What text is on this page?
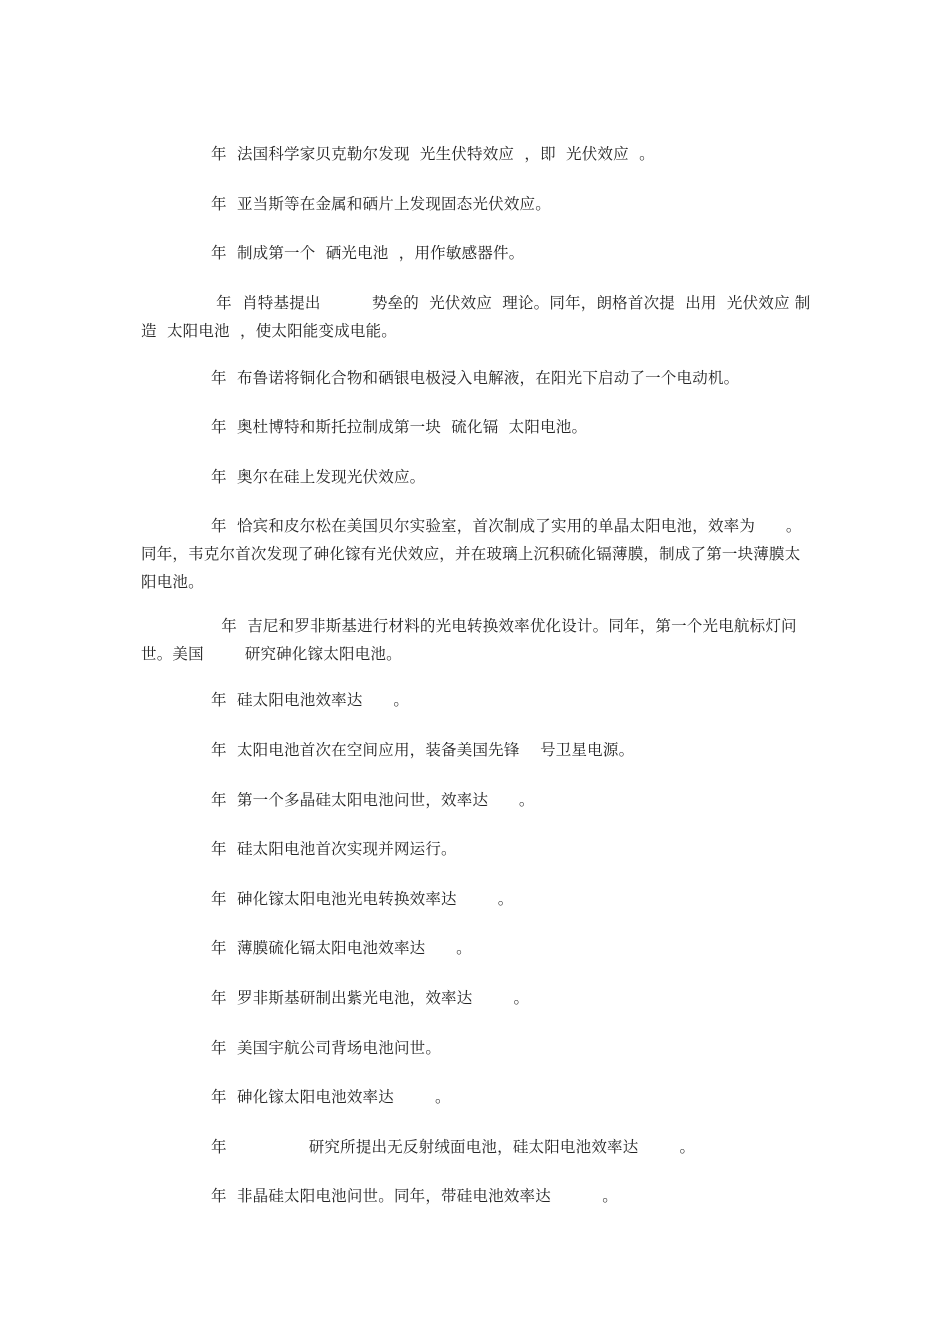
年  法国科学家贝克勒尔发现  光生伏特效应  ，即  光伏效应  。

年  亚当斯等在金属和硒片上发现固态光伏效应。

年  制成第一个  硒光电池  ，用作敏感器件。

年  肖特基提出          势垒的  光伏效应  理论。同年，朗格首次提  出用  光伏效应 制造  太阳电池  ，使太阳能变成电能。

年  布鲁诺将铜化合物和硒银电极浸入电解液，在阳光下启动了一个电动机。

年  奥杜博特和斯托拉制成第一块  硫化镉  太阳电池。

年  奥尔在硅上发现光伏效应。

年  恰宾和皮尔松在美国贝尔实验室，首次制成了实用的单晶太阳电池，效率为      。同年，韦克尔首次发现了砷化镓有光伏效应，并在玻璃上沉积硫化镉薄膜，制成了第一块薄膜太阳电池。

年  吉尼和罗非斯基进行材料的光电转换效率优化设计。同年，第一个光电航标灯问世。美国        研究砷化镓太阳电池。

年  硅太阳电池效率达      。

年  太阳电池首次在空间应用，装备美国先锋    号卫星电源。

年  第一个多晶硅太阳电池问世，效率达      。

年  硅太阳电池首次实现并网运行。

年  砷化镓太阳电池光电转换效率达        。

年  薄膜硫化镉太阳电池效率达      。

年  罗非斯基研制出紫光电池，效率达        。

年  美国宇航公司背场电池问世。

年  砷化镓太阳电池效率达        。

年                研究所提出无反射绒面电池，硅太阳电池效率达        。

年  非晶硅太阳电池问世。同年，带硅电池效率达          。
